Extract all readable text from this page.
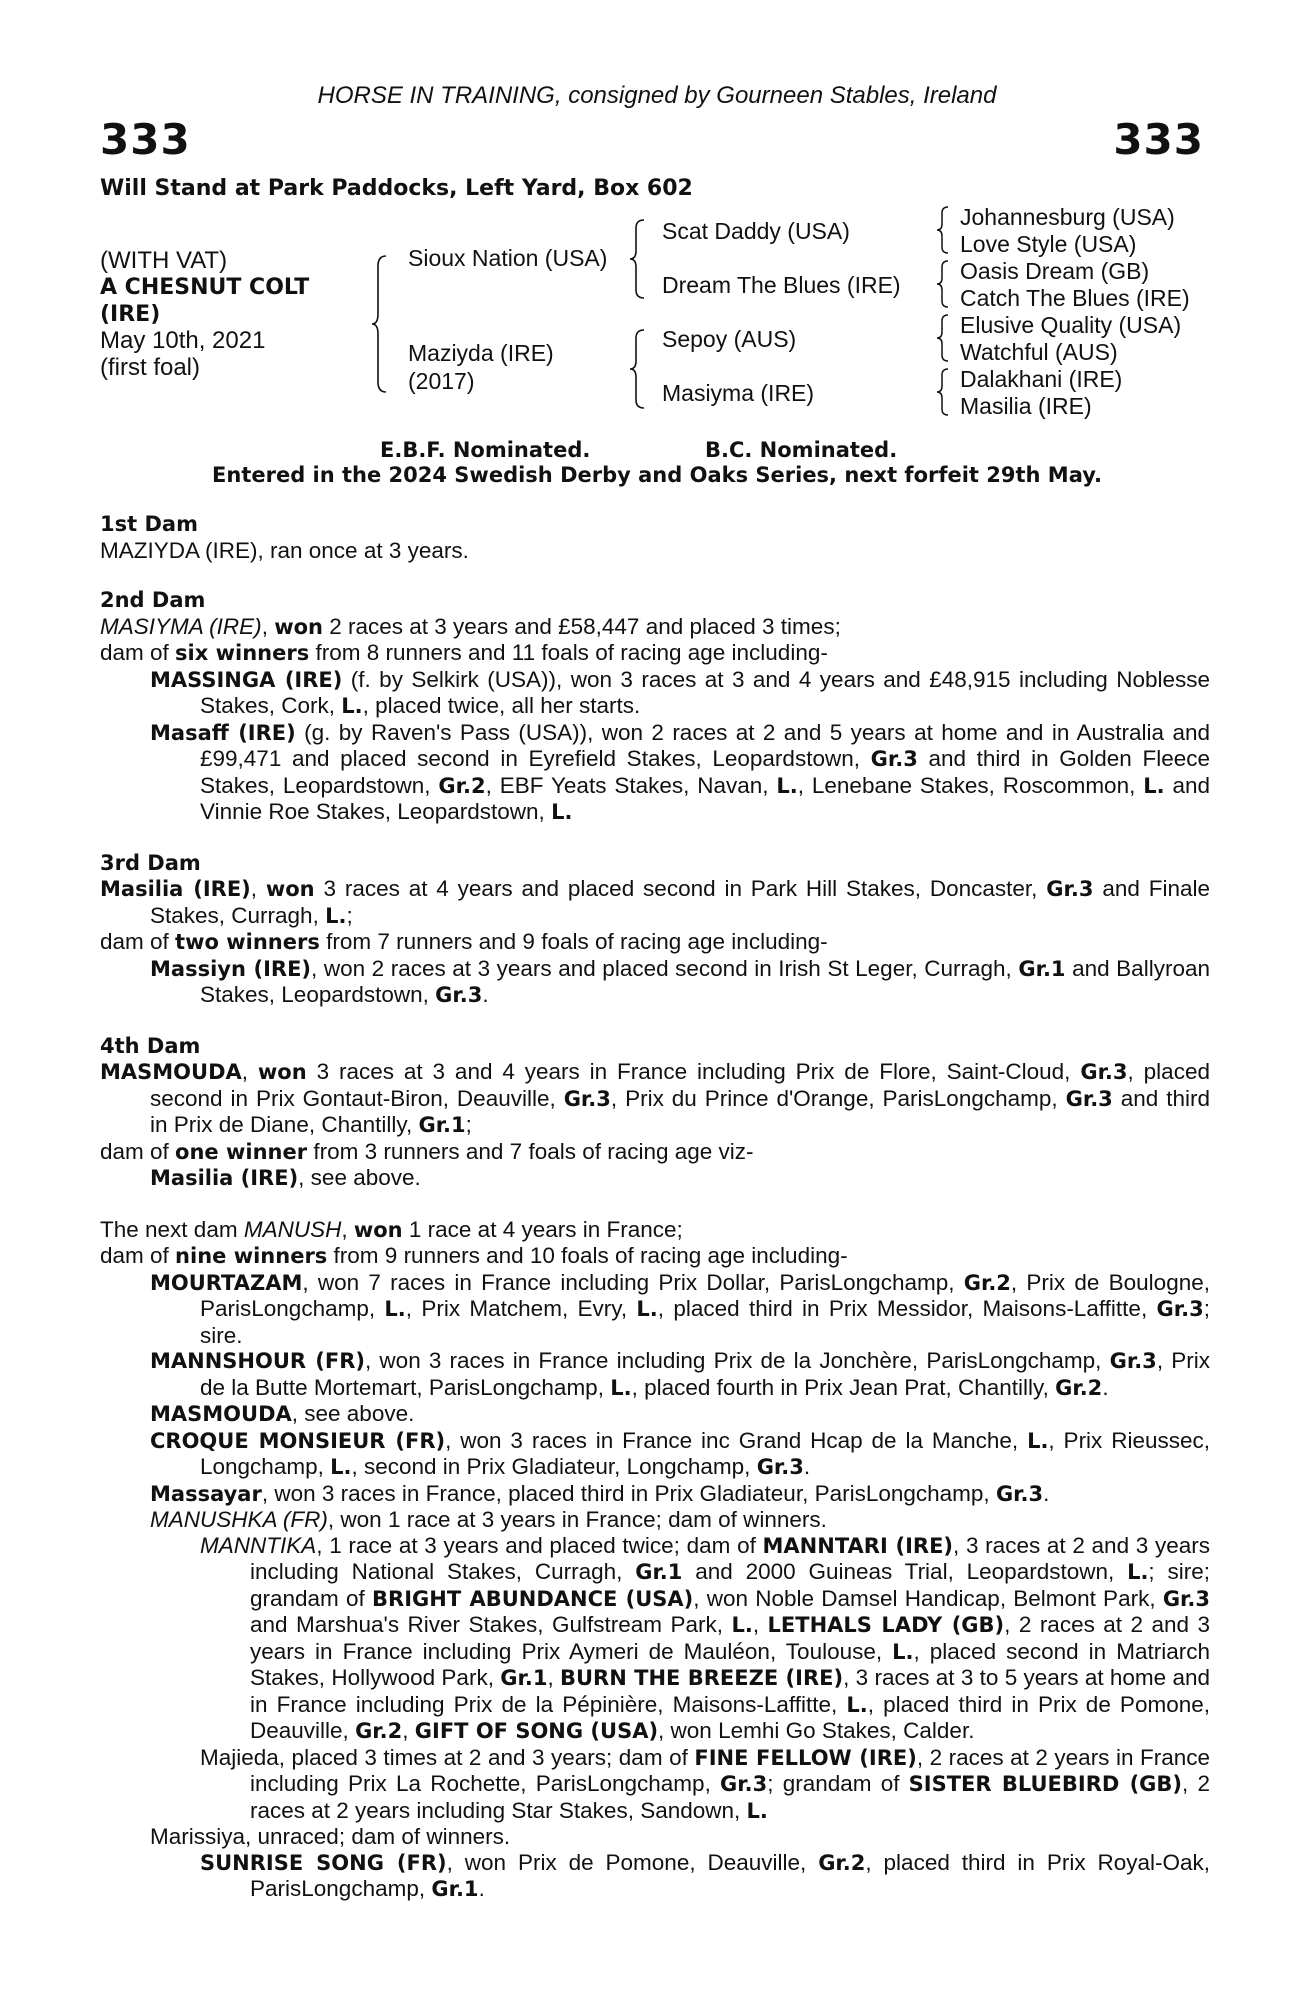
HORSE IN TRAINING, consigned by Gourneen Stables, Ireland
333	333
Will Stand at Park Paddocks, Left Yard, Box 602
(WITH VAT)
A CHESNUT COLT
(IRE)
May 10th, 2021
(first foal)
Sioux Nation (USA)
Maziyda (IRE)
(2017)
Scat Daddy (USA)
Dream The Blues (IRE)
Sepoy (AUS)
Masiyma (IRE)
Johannesburg (USA)
Love Style (USA)
Oasis Dream (GB)
Catch The Blues (IRE)
Elusive Quality (USA)
Watchful (AUS)
Dalakhani (IRE)
Masilia (IRE)
E.B.F. Nominated.	B.C. Nominated.
Entered in the 2024 Swedish Derby and Oaks Series, next forfeit 29th May.
1st Dam
MAZIYDA (IRE), ran once at 3 years.
2nd Dam
MASIYMA (IRE), won 2 races at 3 years and £58,447 and placed 3 times;
dam of six winners from 8 runners and 11 foals of racing age including-
MASSINGA (IRE) (f. by Selkirk (USA)), won 3 races at 3 and 4 years and £48,915 including Noblesse Stakes, Cork, L., placed twice, all her starts.
Masaff (IRE) (g. by Raven's Pass (USA)), won 2 races at 2 and 5 years at home and in Australia and £99,471 and placed second in Eyrefield Stakes, Leopardstown, Gr.3 and third in Golden Fleece Stakes, Leopardstown, Gr.2, EBF Yeats Stakes, Navan, L., Lenebane Stakes, Roscommon, L. and Vinnie Roe Stakes, Leopardstown, L.
3rd Dam
Masilia (IRE), won 3 races at 4 years and placed second in Park Hill Stakes, Doncaster, Gr.3 and Finale Stakes, Curragh, L.;
dam of two winners from 7 runners and 9 foals of racing age including-
Massiyn (IRE), won 2 races at 3 years and placed second in Irish St Leger, Curragh, Gr.1 and Ballyroan Stakes, Leopardstown, Gr.3.
4th Dam
MASMOUDA, won 3 races at 3 and 4 years in France including Prix de Flore, Saint-Cloud, Gr.3, placed second in Prix Gontaut-Biron, Deauville, Gr.3, Prix du Prince d'Orange, ParisLongchamp, Gr.3 and third in Prix de Diane, Chantilly, Gr.1;
dam of one winner from 3 runners and 7 foals of racing age viz-
Masilia (IRE), see above.
The next dam MANUSH, won 1 race at 4 years in France;
dam of nine winners from 9 runners and 10 foals of racing age including-
MOURTAZAM, won 7 races in France including Prix Dollar, ParisLongchamp, Gr.2, Prix de Boulogne, ParisLongchamp, L., Prix Matchem, Evry, L., placed third in Prix Messidor, Maisons-Laffitte, Gr.3; sire.
MANNSHOUR (FR), won 3 races in France including Prix de la Jonchère, ParisLongchamp, Gr.3, Prix de la Butte Mortemart, ParisLongchamp, L., placed fourth in Prix Jean Prat, Chantilly, Gr.2.
MASMOUDA, see above.
CROQUE MONSIEUR (FR), won 3 races in France inc Grand Hcap de la Manche, L., Prix Rieussec, Longchamp, L., second in Prix Gladiateur, Longchamp, Gr.3.
Massayar, won 3 races in France, placed third in Prix Gladiateur, ParisLongchamp, Gr.3.
MANUSHKA (FR), won 1 race at 3 years in France; dam of winners.
MANNTIKA, 1 race at 3 years and placed twice; dam of MANNTARI (IRE), 3 races at 2 and 3 years including National Stakes, Curragh, Gr.1 and 2000 Guineas Trial, Leopardstown, L.; sire; grandam of BRIGHT ABUNDANCE (USA), won Noble Damsel Handicap, Belmont Park, Gr.3 and Marshua's River Stakes, Gulfstream Park, L., LETHALS LADY (GB), 2 races at 2 and 3 years in France including Prix Aymeri de Mauléon, Toulouse, L., placed second in Matriarch Stakes, Hollywood Park, Gr.1, BURN THE BREEZE (IRE), 3 races at 3 to 5 years at home and in France including Prix de la Pépinière, Maisons-Laffitte, L., placed third in Prix de Pomone, Deauville, Gr.2, GIFT OF SONG (USA), won Lemhi Go Stakes, Calder.
Majieda, placed 3 times at 2 and 3 years; dam of FINE FELLOW (IRE), 2 races at 2 years in France including Prix La Rochette, ParisLongchamp, Gr.3; grandam of SISTER BLUEBIRD (GB), 2 races at 2 years including Star Stakes, Sandown, L.
Marissiya, unraced; dam of winners.
SUNRISE SONG (FR), won Prix de Pomone, Deauville, Gr.2, placed third in Prix Royal-Oak, ParisLongchamp, Gr.1.
